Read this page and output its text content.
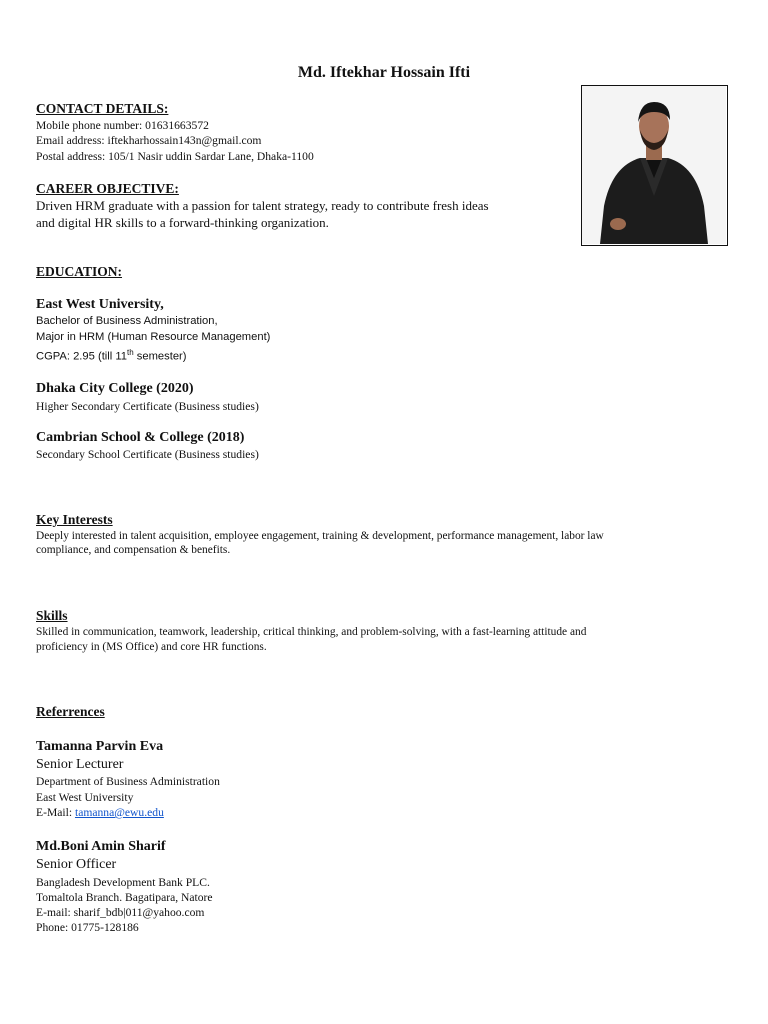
Md. Iftekhar Hossain Ifti
CONTACT DETAILS:
Mobile phone number: 01631663572
Email address: iftekharhossain143n@gmail.com
Postal address: 105/1 Nasir uddin Sardar Lane, Dhaka-1100
CAREER OBJECTIVE:
Driven HRM graduate with a passion for talent strategy, ready to contribute fresh ideas
and digital HR skills to a forward-thinking organization.
EDUCATION:
East West University,
Bachelor of Business Administration,
Major in HRM (Human Resource Management)
CGPA: 2.95 (till 11th semester)
Dhaka City College (2020)
Higher Secondary Certificate (Business studies)
Cambrian School & College (2018)
Secondary School Certificate (Business studies)
Key Interests
Deeply interested in talent acquisition, employee engagement, training & development, performance management, labor law
compliance, and compensation & benefits.
Skills
Skilled in communication, teamwork, leadership, critical thinking, and problem-solving, with a fast-learning attitude and
proficiency in (MS Office) and core HR functions.
Referrences
Tamanna Parvin Eva
Senior Lecturer
Department of Business Administration
East West University
E-Mail: tamanna@ewu.edu
Md.Boni Amin Sharif
Senior Officer
Bangladesh Development Bank PLC.
Tomaltola Branch. Bagatipara, Natore
E-mail: sharif_bdb|011@yahoo.com
Phone: 01775-128186
